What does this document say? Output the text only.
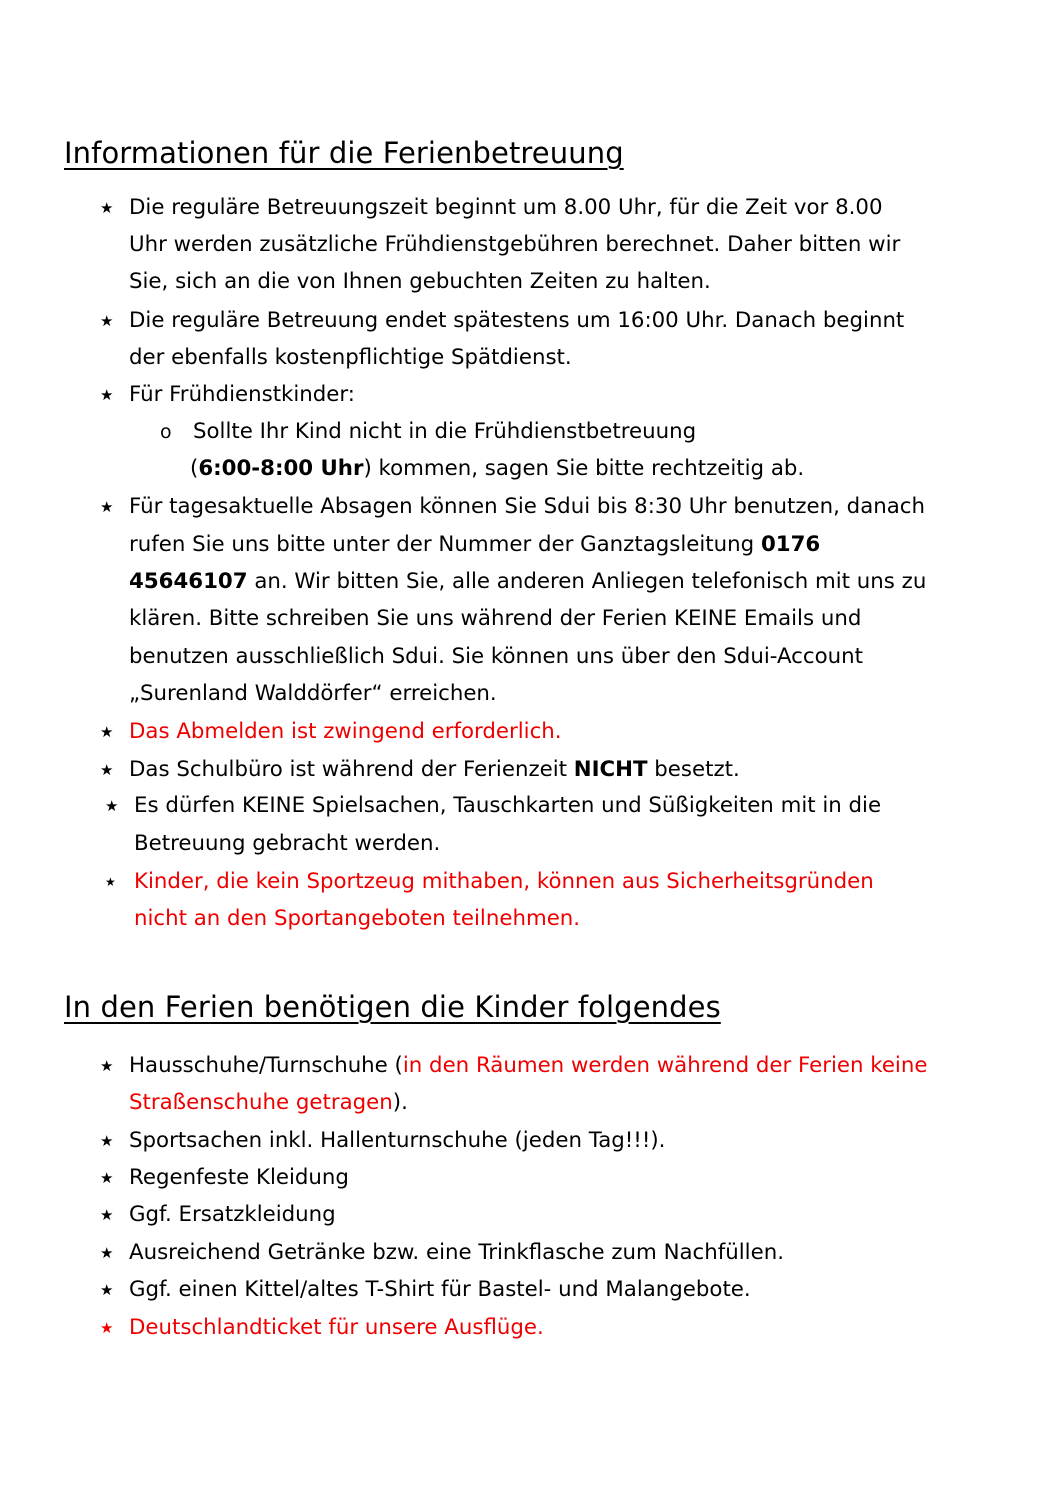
Informationen für die Ferienbetreuung
★ Die reguläre Betreuungszeit beginnt um 8.00 Uhr, für die Zeit vor 8.00
Uhr werden zusätzliche Frühdienstgebühren berechnet. Daher bitten wir
Sie, sich an die von Ihnen gebuchten Zeiten zu halten.
★ Die reguläre Betreuung endet spätestens um 16:00 Uhr. Danach beginnt
der ebenfalls kostenpflichtige Spätdienst.
★ Für Frühdienstkinder:
o Sollte Ihr Kind nicht in die Frühdienstbetreuung
(6:00-8:00 Uhr) kommen, sagen Sie bitte rechtzeitig ab.
★ Für tagesaktuelle Absagen können Sie Sdui bis 8:30 Uhr benutzen, danach
rufen Sie uns bitte unter der Nummer der Ganztagsleitung 0176
45646107 an. Wir bitten Sie, alle anderen Anliegen telefonisch mit uns zu
klären. Bitte schreiben Sie uns während der Ferien KEINE Emails und
benutzen ausschließlich Sdui. Sie können uns über den Sdui-Account
„Surenland Walddörfer“ erreichen.
★ Das Abmelden ist zwingend erforderlich.
★ Das Schulbüro ist während der Ferienzeit NICHT besetzt.
★ Es dürfen KEINE Spielsachen, Tauschkarten und Süßigkeiten mit in die
Betreuung gebracht werden.
★ Kinder, die kein Sportzeug mithaben, können aus Sicherheitsgründen
nicht an den Sportangeboten teilnehmen.
In den Ferien benötigen die Kinder folgendes
★ Hausschuhe/Turnschuhe (in den Räumen werden während der Ferien keine
Straßenschuhe getragen).
★ Sportsachen inkl. Hallenturnschuhe (jeden Tag!!!).
★ Regenfeste Kleidung
★ Ggf. Ersatzkleidung
★ Ausreichend Getränke bzw. eine Trinkflasche zum Nachfüllen.
★ Ggf. einen Kittel/altes T-Shirt für Bastel- und Malangebote.
★ Deutschlandticket für unsere Ausflüge.
